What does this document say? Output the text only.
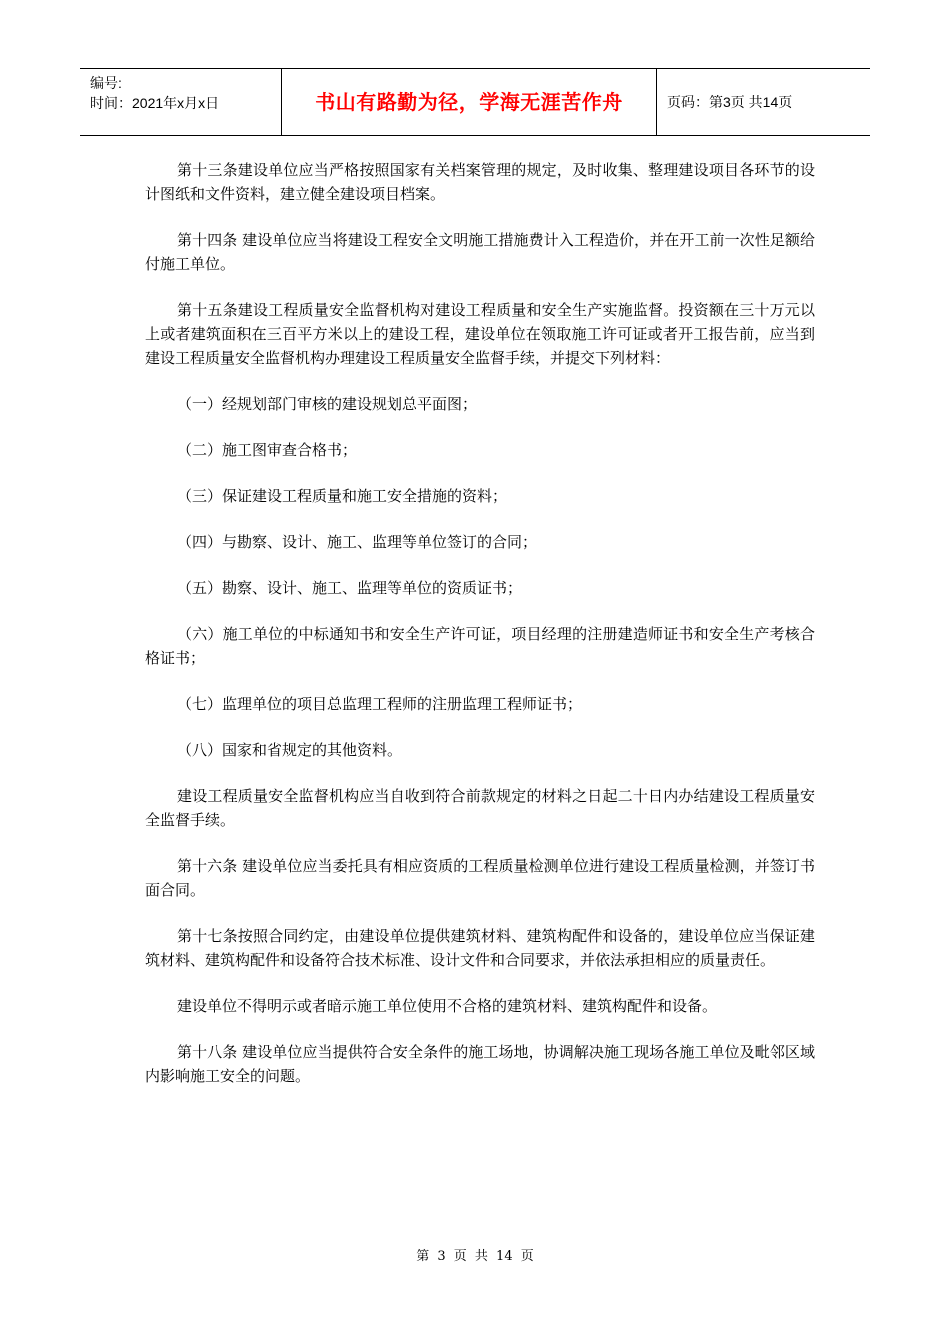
编号:
时间：2021年x月x日	书山有路勤为径，学海无涯苦作舟	页码：第3页 共14页

第十三条建设单位应当严格按照国家有关档案管理的规定，及时收集、整理建设项目各环节的设计图纸和文件资料，建立健全建设项目档案。

第十四条 建设单位应当将建设工程安全文明施工措施费计入工程造价，并在开工前一次性足额给付施工单位。

第十五条建设工程质量安全监督机构对建设工程质量和安全生产实施监督。投资额在三十万元以上或者建筑面积在三百平方米以上的建设工程，建设单位在领取施工许可证或者开工报告前，应当到建设工程质量安全监督机构办理建设工程质量安全监督手续，并提交下列材料：

（一）经规划部门审核的建设规划总平面图；

（二）施工图审查合格书；

（三）保证建设工程质量和施工安全措施的资料；

（四）与勘察、设计、施工、监理等单位签订的合同；

（五）勘察、设计、施工、监理等单位的资质证书；

（六）施工单位的中标通知书和安全生产许可证，项目经理的注册建造师证书和安全生产考核合格证书；

（七）监理单位的项目总监理工程师的注册监理工程师证书；

（八）国家和省规定的其他资料。

建设工程质量安全监督机构应当自收到符合前款规定的材料之日起二十日内办结建设工程质量安全监督手续。

第十六条 建设单位应当委托具有相应资质的工程质量检测单位进行建设工程质量检测，并签订书面合同。

第十七条按照合同约定，由建设单位提供建筑材料、建筑构配件和设备的，建设单位应当保证建筑材料、建筑构配件和设备符合技术标准、设计文件和合同要求，并依法承担相应的质量责任。

建设单位不得明示或者暗示施工单位使用不合格的建筑材料、建筑构配件和设备。

第十八条 建设单位应当提供符合安全条件的施工场地，协调解决施工现场各施工单位及毗邻区域内影响施工安全的问题。

第 3 页 共 14 页
